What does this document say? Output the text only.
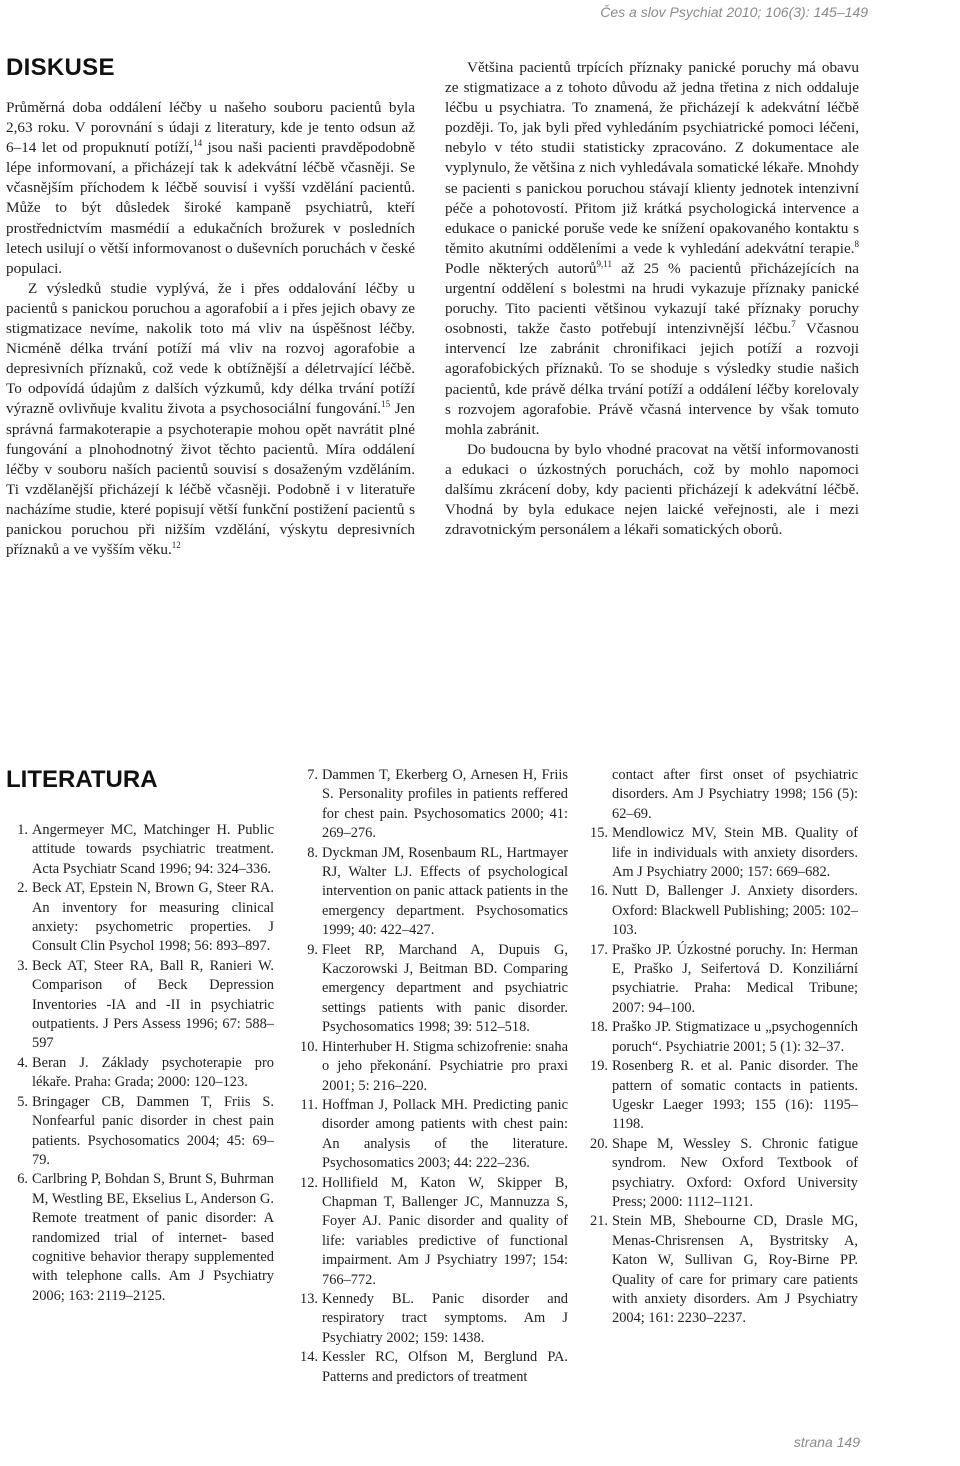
Čes a slov Psychiat 2010; 106(3): 145–149
DISKUSE

Průměrná doba oddálení léčby u našeho souboru pacientů byla 2,63 roku. V porovnání s údaji z literatury, kde je tento odsun až 6–14 let od propuknutí potíží,$^{14}$ jsou naši pacienti pravděpodobně lépe informovaní, a přicházejí tak k adekvátní léčbě včasněji. Se včasnějším příchodem k léčbě souvisí i vyšší vzdělání pacientů. Může to být důsledek široké kampaně psychiatrů, kteří prostřednictvím masmédií a edukačních brožurek v posledních letech usilují o větší informovanost o duševních poruchách v české populaci.

Z výsledků studie vyplývá, že i přes oddalování léčby u pacientů s panickou poruchou a agorafobií a i přes jejich obavy ze stigmatizace nevíme, nakolik toto má vliv na úspěšnost léčby. Nicméně délka trvání potíží má vliv na rozvoj agorafobie a depresivních příznaků, což vede k obtížnější a déletrvající léčbě. To odpovídá údajům z dalších výzkumů, kdy délka trvání potíží výrazně ovlivňuje kvalitu života a psychosociální fungování.$^{15}$ Jen správná farmakoterapie a psychoterapie mohou opět navrátit plné fungování a plnohodnotný život těchto pacientů. Míra oddálení léčby v souboru naších pacientů souvisí s dosaženým vzděláním. Ti vzdělanější přicházejí k léčbě včasněji. Podobně i v literatuře nacházíme studie, které popisují větší funkční postižení pacientů s panickou poruchou při nižším vzdělání, výskytu depresivních příznaků a ve vyšším věku.$^{12}$

Většina pacientů trpících příznaky panické poruchy má obavu ze stigmatizace a z tohoto důvodu až jedna třetina z nich oddaluje léčbu u psychiatra. To znamená, že přicházejí k adekvátní léčbě později. To, jak byli před vyhledáním psychiatrické pomoci léčeni, nebylo v této studii statisticky zpracováno. Z dokumentace ale vyplynulo, že většina z nich vyhledávala somatické lékaře. Mnohdy se pacienti s panickou poruchou stávají klienty jednotek intenzivní péče a pohotovostí. Přitom již krátká psychologická intervence a edukace o panické poruše vede ke snížení opakovaného kontaktu s těmito akutními odděleními a vede k vyhledání adekvátní terapie.$^8$ Podle některých autorů$^{9,11}$ až 25 % pacientů přicházejících na urgentní oddělení s bolestmi na hrudi vykazuje příznaky panické poruchy. Tito pacienti většinou vykazují také příznaky poruchy osobnosti, takže často potřebují intenzivnější léčbu.$^7$ Včasnou intervencí lze zabránit chronifikaci jejich potíží a rozvoji agorafobických příznaků. To se shoduje s výsledky studie našich pacientů, kde právě délka trvání potíží a oddálení léčby korelovaly s rozvojem agorafobie. Právě včasná intervence by však tomuto mohla zabránit.

Do budoucna by bylo vhodné pracovat na větší informovanosti a edukaci o úzkostných poruchách, což by mohlo napomoci dalšímu zkrácení doby, kdy pacienti přicházejí k adekvátní léčbě. Vhodná by byla edukace nejen laické veřejnosti, ale i mezi zdravotnickým personálem a lékaři somatických oborů.

LITERATURA
1. Angermeyer MC, Matchinger H. Public attitude towards psychiatric treatment. Acta Psychiatr Scand 1996; 94: 324–336.
2. Beck AT, Epstein N, Brown G, Steer RA. An inventory for measuring clinical anxiety: psychometric properties. J Consult Clin Psychol 1998; 56: 893–897.
3. Beck AT, Steer RA, Ball R, Ranieri W. Comparison of Beck Depression Inventories -IA and -II in psychiatric outpatients. J Pers Assess 1996; 67: 588–597
4. Beran J. Základy psychoterapie pro lékaře. Praha: Grada; 2000: 120–123.
5. Bringager CB, Dammen T, Friis S. Nonfearful panic disorder in chest pain patients. Psychosomatics 2004; 45: 69–79.
6. Carlbring P, Bohdan S, Brunt S, Buhrman M, Westling BE, Ekselius L, Anderson G. Remote treatment of panic disorder: A randomized trial of internet- based cognitive behavior therapy supplemented with telephone calls. Am J Psychiatry 2006; 163: 2119–2125.
7. Dammen T, Ekerberg O, Arnesen H, Friis S. Personality profiles in patients reffered for chest pain. Psychosomatics 2000; 41: 269–276.
8. Dyckman JM, Rosenbaum RL, Hartmayer RJ, Walter LJ. Effects of psychological intervention on panic attack patients in the emergency department. Psychosomatics 1999; 40: 422–427.
9. Fleet RP, Marchand A, Dupuis G, Kaczorowski J, Beitman BD. Comparing emergency department and psychiatric settings patients with panic disorder. Psychosomatics 1998; 39: 512–518.
10. Hinterhuber H. Stigma schizofrenie: snaha o jeho překonání. Psychiatrie pro praxi 2001; 5: 216–220.
11. Hoffman J, Pollack MH. Predicting panic disorder among patients with chest pain: An analysis of the literature. Psychosomatics 2003; 44: 222–236.
12. Hollifield M, Katon W, Skipper B, Chapman T, Ballenger JC, Mannuzza S, Foyer AJ. Panic disorder and quality of life: variables predictive of functional impairment. Am J Psychiatry 1997; 154: 766–772.
13. Kennedy BL. Panic disorder and respiratory tract symptoms. Am J Psychiatry 2002; 159: 1438.
14. Kessler RC, Olfson M, Berglund PA. Patterns and predictors of treatment
contact after first onset of psychiatric disorders. Am J Psychiatry 1998; 156 (5): 62–69.
15. Mendlowicz MV, Stein MB. Quality of life in individuals with anxiety disorders. Am J Psychiatry 2000; 157: 669–682.
16. Nutt D, Ballenger J. Anxiety disorders. Oxford: Blackwell Publishing; 2005: 102–103.
17. Praško JP. Úzkostné poruchy. In: Herman E, Praško J, Seifertová D. Konziliární psychiatrie. Praha: Medical Tribune; 2007: 94–100.
18. Praško JP. Stigmatizace u „psychogenních poruch“. Psychiatrie 2001; 5 (1): 32–37.
19. Rosenberg R. et al. Panic disorder. The pattern of somatic contacts in patients. Ugeskr Laeger 1993; 155 (16): 1195–1198.
20. Shape M, Wessley S. Chronic fatigue syndrom. New Oxford Textbook of psychiatry. Oxford: Oxford University Press; 2000: 1112–1121.
21. Stein MB, Shebourne CD, Drasle MG, Menas-Chrisrensen A, Bystritsky A, Katon W, Sullivan G, Roy-Birne PP. Quality of care for primary care patients with anxiety disorders. Am J Psychiatry 2004; 161: 2230–2237.
strana 149
